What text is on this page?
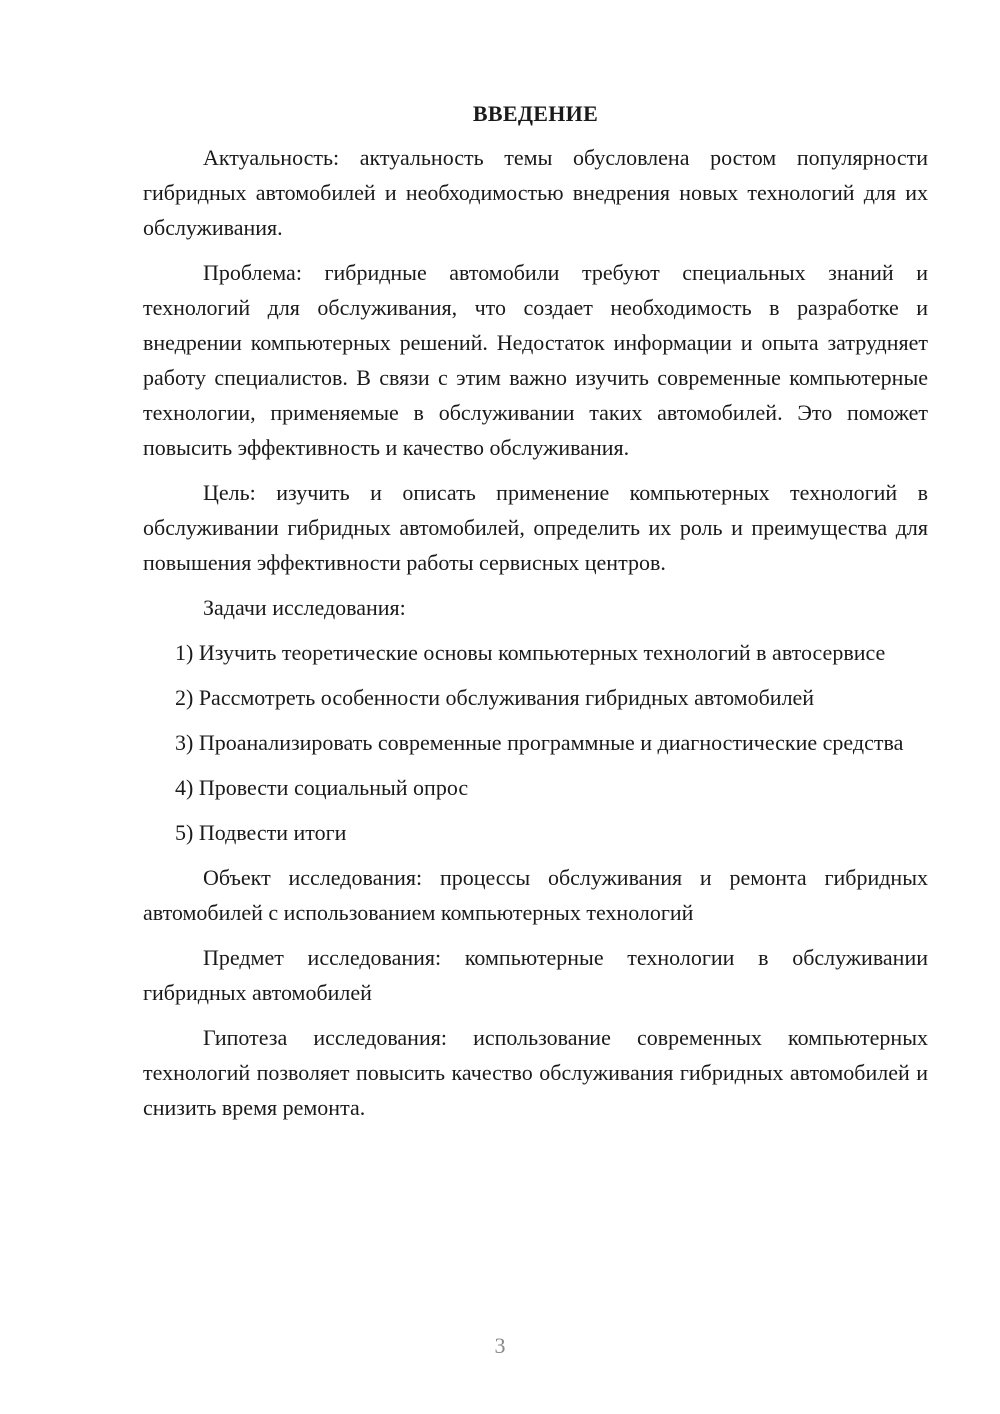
ВВЕДЕНИЕ

Актуальность: актуальность темы обусловлена ростом популярности гибридных автомобилей и необходимостью внедрения новых технологий для их обслуживания.

Проблема: гибридные автомобили требуют специальных знаний и технологий для обслуживания, что создает необходимость в разработке и внедрении компьютерных решений. Недостаток информации и опыта затрудняет работу специалистов. В связи с этим важно изучить современные компьютерные технологии, применяемые в обслуживании таких автомобилей. Это поможет повысить эффективность и качество обслуживания.

Цель: изучить и описать применение компьютерных технологий в обслуживании гибридных автомобилей, определить их роль и преимущества для повышения эффективности работы сервисных центров.

Задачи исследования:

1) Изучить теоретические основы компьютерных технологий в автосервисе

2) Рассмотреть особенности обслуживания гибридных автомобилей

3) Проанализировать современные программные и диагностические средства

4) Провести социальный опрос

5) Подвести итоги

Объект исследования: процессы обслуживания и ремонта гибридных автомобилей с использованием компьютерных технологий

Предмет исследования: компьютерные технологии в обслуживании гибридных автомобилей

Гипотеза исследования: использование современных компьютерных технологий позволяет повысить качество обслуживания гибридных автомобилей и снизить время ремонта.

3
